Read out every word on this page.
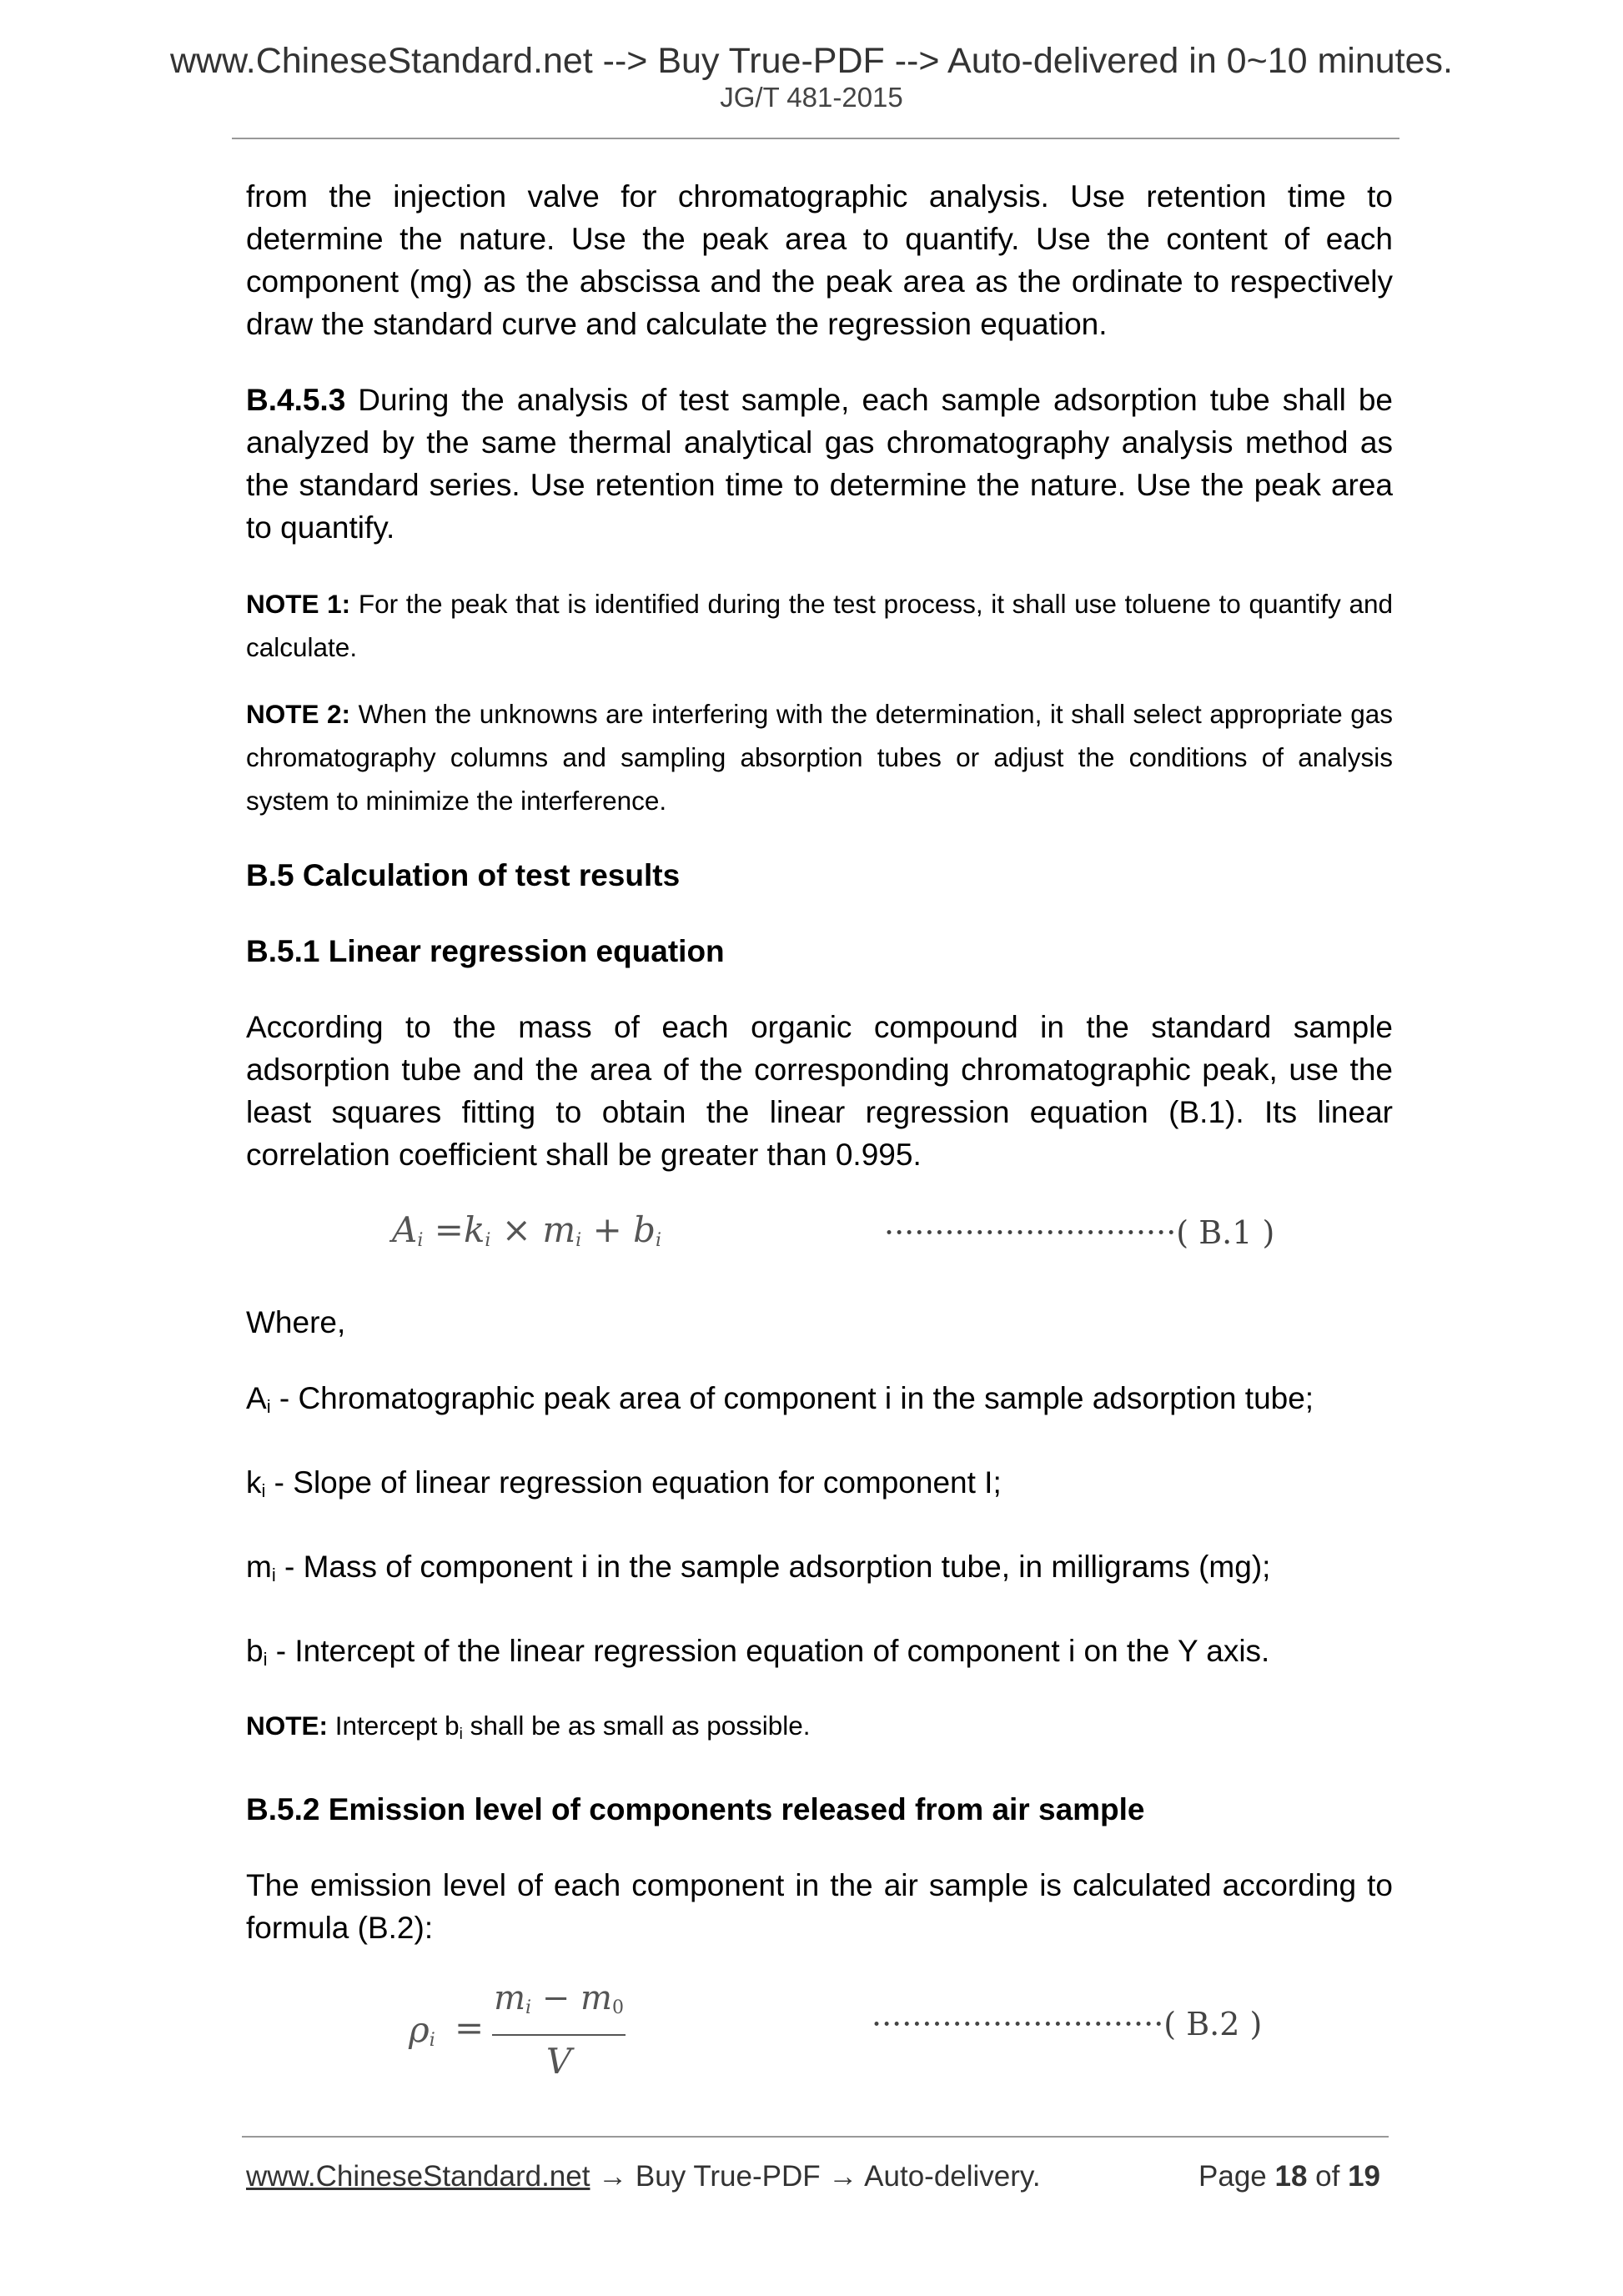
www.ChineseStandard.net --> Buy True-PDF --> Auto-delivered in 0~10 minutes.
JG/T 481-2015

from the injection valve for chromatographic analysis. Use retention time to determine the nature. Use the peak area to quantify. Use the content of each component (mg) as the abscissa and the peak area as the ordinate to respectively draw the standard curve and calculate the regression equation.

B.4.5.3 During the analysis of test sample, each sample adsorption tube shall be analyzed by the same thermal analytical gas chromatography analysis method as the standard series. Use retention time to determine the nature. Use the peak area to quantify.

NOTE 1: For the peak that is identified during the test process, it shall use toluene to quantify and calculate.

NOTE 2: When the unknowns are interfering with the determination, it shall select appropriate gas chromatography columns and sampling absorption tubes or adjust the conditions of analysis system to minimize the interference.

B.5 Calculation of test results

B.5.1 Linear regression equation

According to the mass of each organic compound in the standard sample adsorption tube and the area of the corresponding chromatographic peak, use the least squares fitting to obtain the linear regression equation (B.1). Its linear correlation coefficient shall be greater than 0.995.

$A_i =k_i \times m_i + b_i$	·····························( B.1 )

Where,

$A_i$ - Chromatographic peak area of component i in the sample adsorption tube;

$k_i$ - Slope of linear regression equation for component I;

$m_i$ - Mass of component i in the sample adsorption tube, in milligrams (mg);

$b_i$ - Intercept of the linear regression equation of component i on the Y axis.

NOTE: Intercept $b_i$ shall be as small as possible.

B.5.2 Emission level of components released from air sample

The emission level of each component in the air sample is calculated according to formula (B.2):

$\rho_i$ =
$m_i - m_0$
V
·····························( B.2 )
www.ChineseStandard.net → Buy True-PDF → Auto-delivery.	Page 18 of 19
